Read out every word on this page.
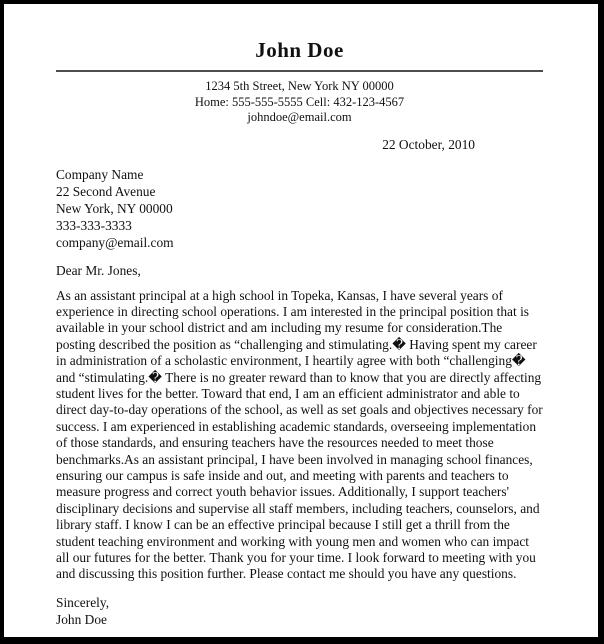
John Doe
1234 5th Street, New York NY 00000
Home: 555-555-5555 Cell: 432-123-4567
johndoe@email.com
22 October, 2010
Company Name
22 Second Avenue
New York, NY 00000
333-333-3333
company@email.com
Dear Mr. Jones,
As an assistant principal at a high school in Topeka, Kansas, I have several years of experience in directing school operations. I am interested in the principal position that is available in your school district and am including my resume for consideration.The posting described the position as “challenging and stimulating.� Having spent my career in administration of a scholastic environment, I heartily agree with both “challenging� and “stimulating.� There is no greater reward than to know that you are directly affecting student lives for the better. Toward that end, I am an efficient administrator and able to direct day-to-day operations of the school, as well as set goals and objectives necessary for success. I am experienced in establishing academic standards, overseeing implementation of those standards, and ensuring teachers have the resources needed to meet those benchmarks.As an assistant principal, I have been involved in managing school finances, ensuring our campus is safe inside and out, and meeting with parents and teachers to measure progress and correct youth behavior issues. Additionally, I support teachers' disciplinary decisions and supervise all staff members, including teachers, counselors, and library staff. I know I can be an effective principal because I still get a thrill from the student teaching environment and working with young men and women who can impact all our futures for the better. Thank you for your time. I look forward to meeting with you and discussing this position further. Please contact me should you have any questions.
Sincerely,
John Doe
